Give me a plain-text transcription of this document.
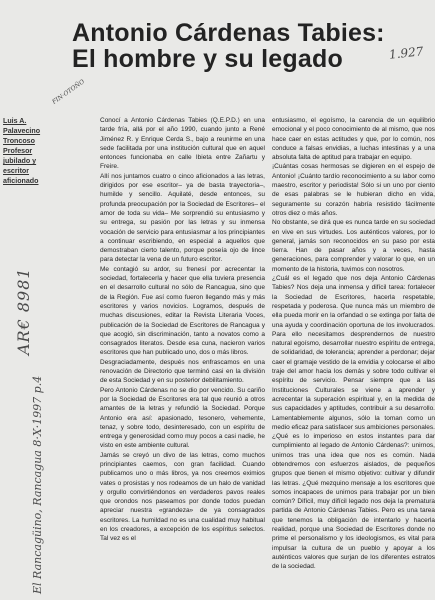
Antonio Cárdenas Tabies:
El hombre y su legado	1.927
FIN·OTOÑO
AR€ 8981
El Rancagüino, Rancagua 8·X·1997 p.4
Luis A.
Palavecino
Troncoso
Profesor
jubilado y
escritor
aficionado

Conocí a Antonio Cárdenas Tabies (Q.E.P.D.) en una tarde fría, allá por el año 1990, cuando junto a René Jiménez R. y Enrique Cerda S., bajo a reunirme en una sede facilitada por una institución cultural que en aquel entonces funcionaba en calle Ibieta entre Zañartu y Freire.

Allí nos juntamos cuatro o cinco aficionados a las letras, dirigidos por ese escritor– ya de basta trayectoria–, humilde y sencillo. Aquilaté, desde entonces, su profunda preocupación por la Sociedad de Escritores– el amor de toda su vida– Me sorprendió su entusiasmo y su entrega, su pasión por las letras y su inmensa vocación de servicio para entusiasmar a los principiantes a continuar escribiendo, en especial a aquellos que demostraban cierto talento, porque poseía ojo de lince para detectar la vena de un futuro escritor.

Me contagió su ardor, su frenesí por acrecentar la sociedad, fortalecerla y hacer que ella tuviera presencia en el desarrollo cultural no sólo de Rancagua, sino que de la Región. Fue así como fueron llegando más y más escritores y varios novicios. Logramos, después de muchas discusiones, editar la Revista Literaria Voces, publicación de la Sociedad de Escritores de Rancagua y que acogió, sin discriminación, tanto a novatos como a consagrados literatos. Desde esa cuna, nacieron varios escritores que han publicado uno, dos o más libros.

Desgraciadamente, después nos enfrascamos en una renovación de Directorio que terminó casi en la división de esta Sociedad y en su posterior debilitamiento.

Pero Antonio Cárdenas no se dio por vencido. Su cariño por la Sociedad de Escritores era tal que reunió a otros amantes de la letras y refundió la Sociedad. Porque Antonio era así: apasionado, tesonero, vehemente, tenaz, y sobre todo, desinteresado, con un espíritu de entrega y generosidad como muy pocos a casi nadie, he visto en este ambiente cultural.

Jamás se creyó un divo de las letras, como muchos principiantes caemos, con gran facilidad. Cuando publicamos uno o más libros, ya nos creemos eximios vates o prosistas y nos rodeamos de un halo de vanidad y orgullo convirtiéndonos en verdaderos pavos reales que orondos nos paseamos por donde todos puedan apreciar nuestra «grandeza» de ya consagrados escritores. La humildad no es una cualidad muy habitual en los creadores, a excepción de los espíritus selectos. Tal vez es el

entusiasmo, el egoísmo, la carencia de un equilibrio emocional y el poco conocimiento de al mismo, que nos hace caer en estas actitudes y que, por lo común, nos conduce a falsas envidias, a luchas intestinas y a una absoluta falta de aptitud para trabajar en equipo.

¡Cuántas cosas hermosas se digieren en el espejo de Antonio! ¡Cuánto tardío reconocimiento a su labor como maestro, escritor y periodista! Sólo si un uno por ciento de esas palabras se le hubieran dicho en vida, seguramente su corazón habría resistido fácilmente otros diez o más años.

No obstante, se dirá que es nunca tarde en su sociedad en vive en sus virtudes. Los auténticos valores, por lo general, jamás son reconocidos en su paso por esta tierra. Han de pasar años y a veces, hasta generaciones, para comprender y valorar lo que, en un momento de la historia, tuvimos con nosotros.

¿Cuál es el legado que nos deja Antonio Cárdenas Tabies? Nos deja una inmensa y difícil tarea: fortalecer la Sociedad de Escritores, hacerla respetable, respetada y poderosa. Que nunca más un miembro de ella pueda morir en la orfandad o se extinga por falta de una ayuda y coordinación oportuna de los involucrados. Para ello necesitamos desprendernos de nuestro natural egoísmo, desarrollar nuestro espíritu de entrega, de solidaridad, de tolerancia; aprender a perdonar; dejar caer el gramaje vestido de la envidia y colocarse el albo traje del amor hacia los demás y sobre todo cultivar el espíritu de servicio. Pensar siempre que a las Instituciones Culturales se viene a aprender y acrecentar la superación espiritual y, en la medida de sus capacidades y aptitudes, contribuir a su desarrollo. Lamentablemente algunos, sólo la toman como un medio eficaz para satisfacer sus ambiciones personales.

¿Qué es lo imperioso en estos instantes para dar cumplimiento al legado de Antonio Cárdenas?: unirnos, unirnos tras una idea que nos es común. Nada obtendremos con esfuerzos aislados, de pequeños grupos que tienen el mismo objetivo: cultivar y difundir las letras. ¿Qué mezquino mensaje a los escritores que somos incapaces de unirnos para trabajar por un bien común? Difícil, muy difícil legado nos deja la prematura partida de Antonio Cárdenas Tabies. Pero es una tarea que tenemos la obligación de intentarlo y hacerla realidad, porque una Sociedad de Escritores donde no prime el personalismo y los ideologismos, es vital para impulsar la cultura de un pueblo y apoyar a los auténticos valores que surjan de los diferentes estratos de la sociedad.
